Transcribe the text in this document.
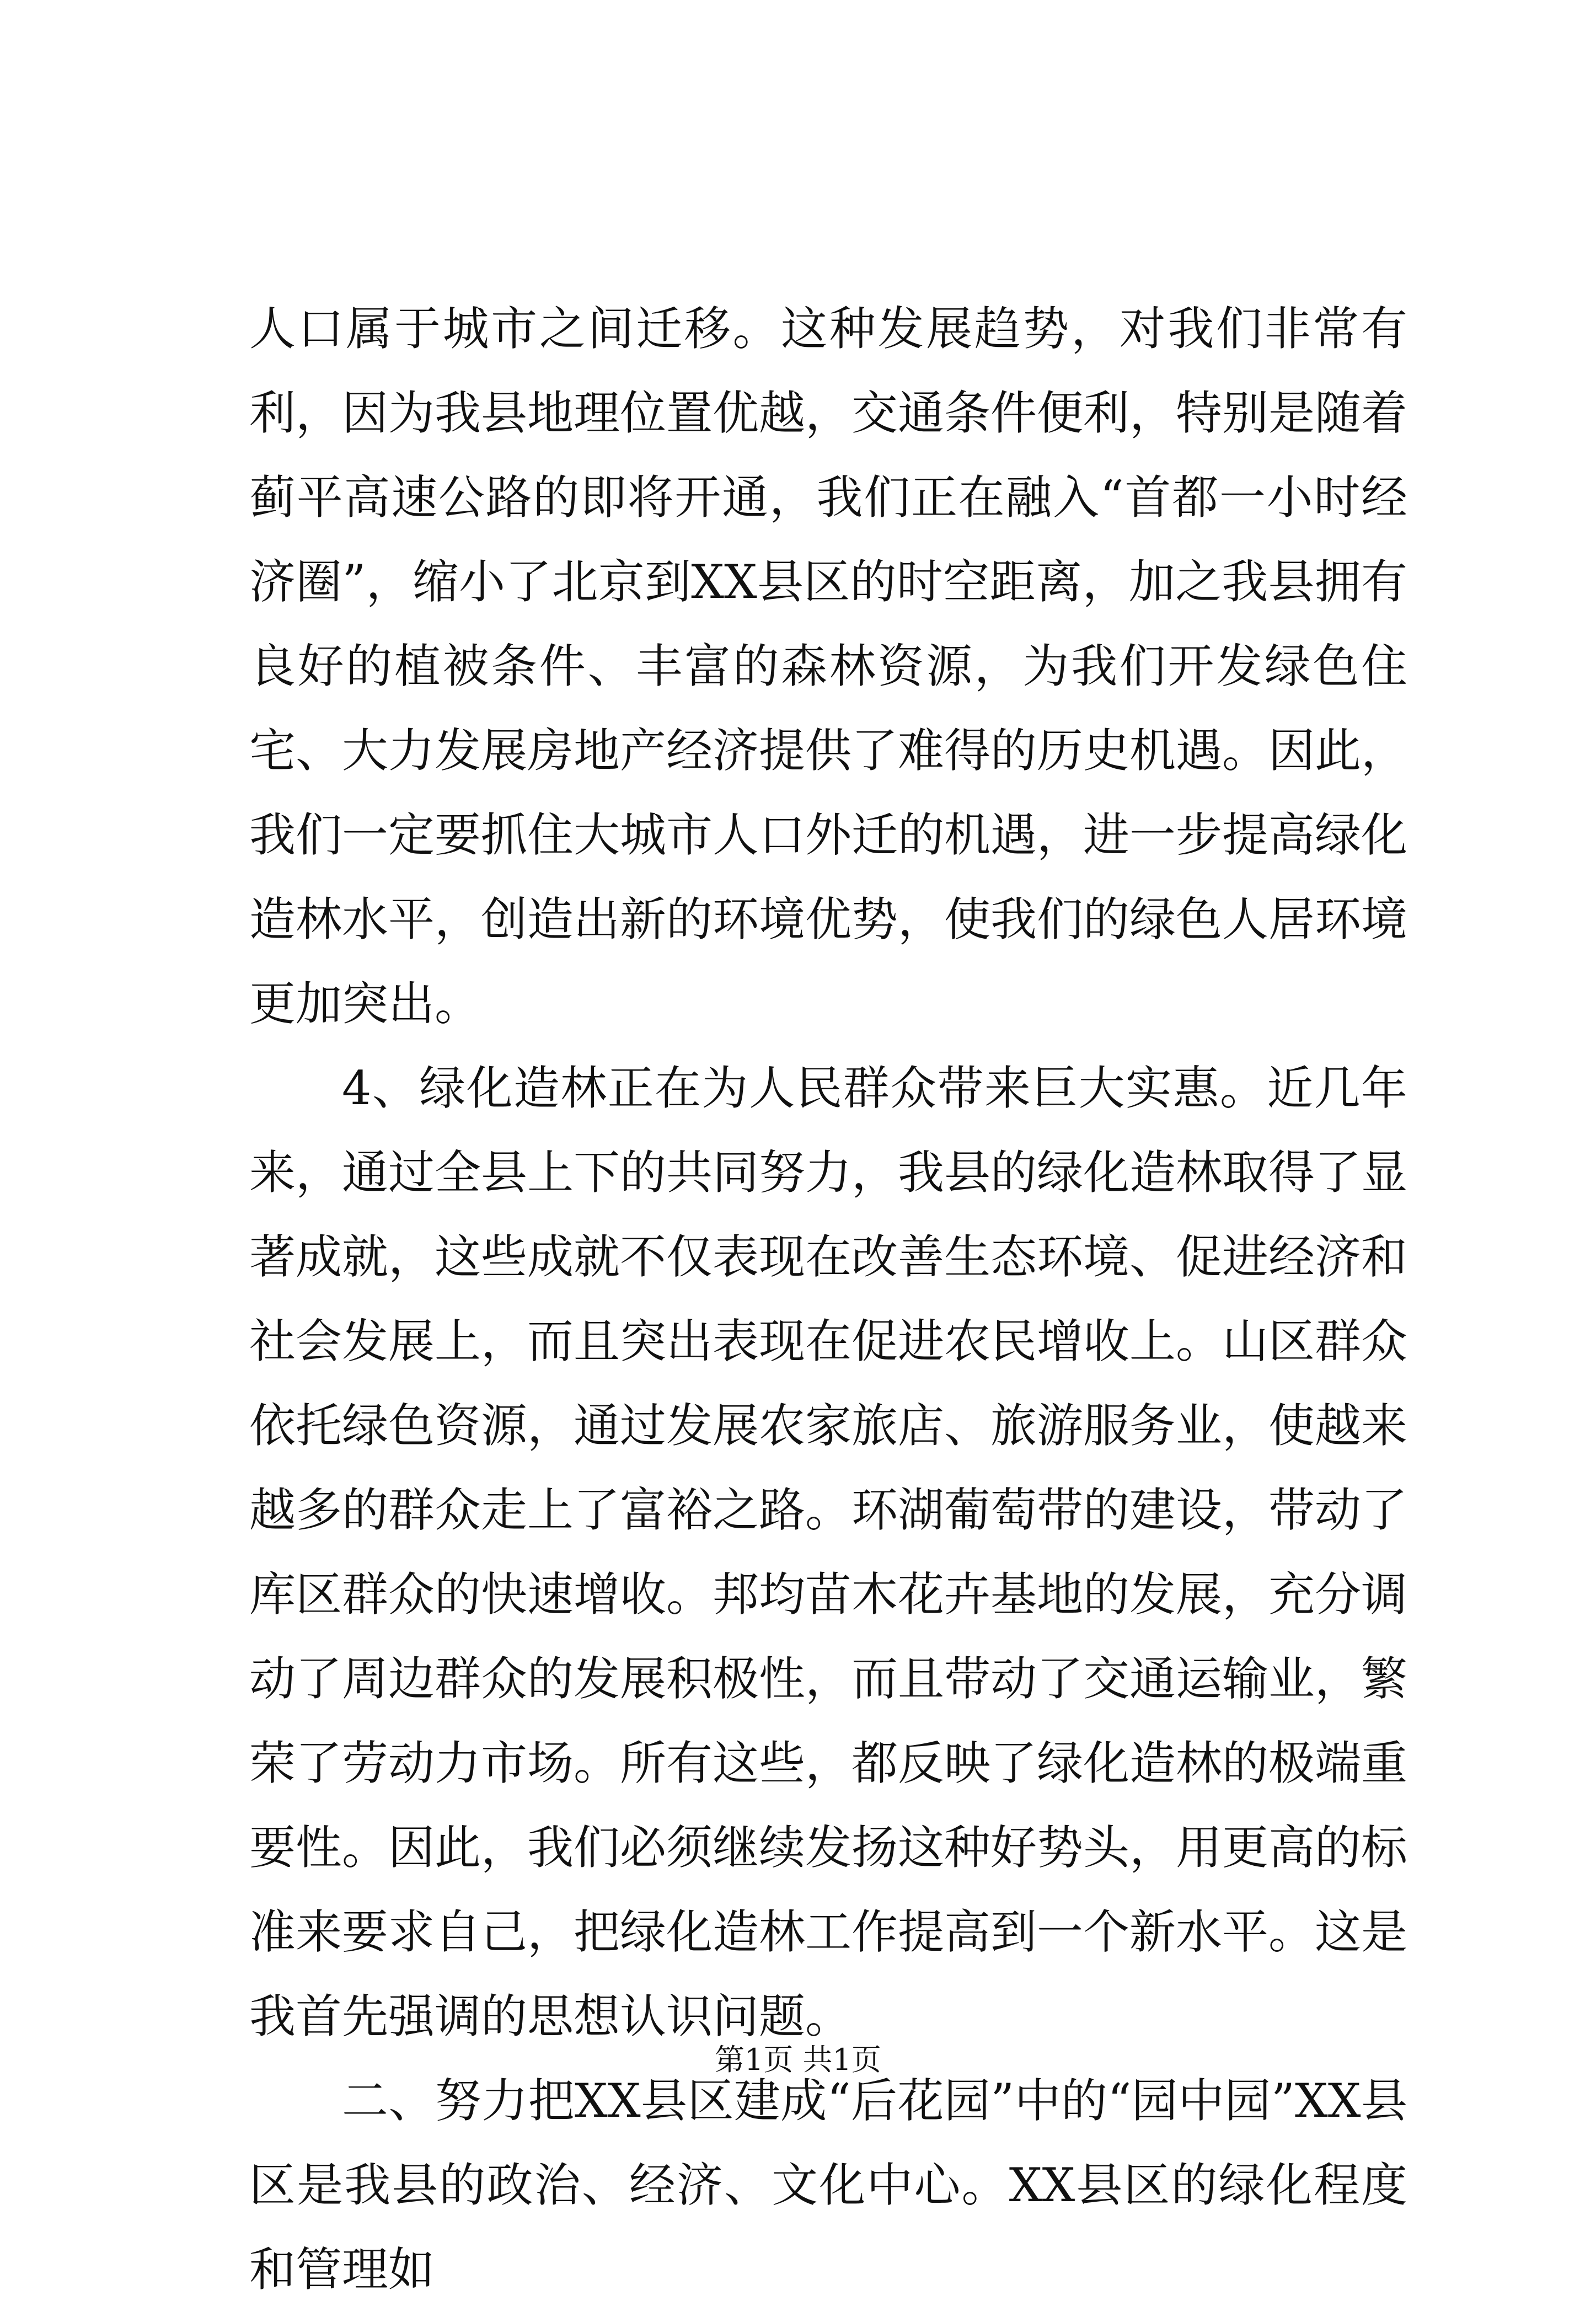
人口属于城市之间迁移。这种发展趋势，对我们非常有利，因为我县地理位置优越，交通条件便利，特别是随着蓟平高速公路的即将开通，我们正在融入“首都一小时经济圈”，缩小了北京到XX县区的时空距离，加之我县拥有良好的植被条件、丰富的森林资源，为我们开发绿色住宅、大力发展房地产经济提供了难得的历史机遇。因此，我们一定要抓住大城市人口外迁的机遇，进一步提高绿化造林水平，创造出新的环境优势，使我们的绿色人居环境更加突出。

4、绿化造林正在为人民群众带来巨大实惠。近几年来，通过全县上下的共同努力，我县的绿化造林取得了显著成就，这些成就不仅表现在改善生态环境、促进经济和社会发展上，而且突出表现在促进农民增收上。山区群众依托绿色资源，通过发展农家旅店、旅游服务业，使越来越多的群众走上了富裕之路。环湖葡萄带的建设，带动了库区群众的快速增收。邦均苗木花卉基地的发展，充分调动了周边群众的发展积极性，而且带动了交通运输业，繁荣了劳动力市场。所有这些，都反映了绿化造林的极端重要性。因此，我们必须继续发扬这种好势头，用更高的标准来要求自己，把绿化造林工作提高到一个新水平。这是我首先强调的思想认识问题。

二、努力把XX县区建成“后花园”中的“园中园”XX县区是我县的政治、经济、文化中心。XX县区的绿化程度和管理如

第1页 共1页
